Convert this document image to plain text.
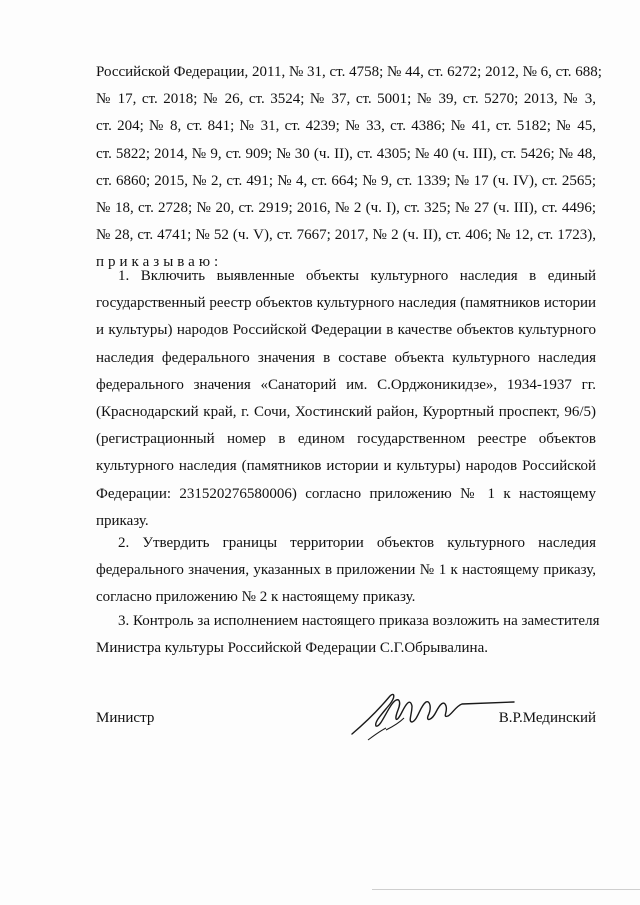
Российской Федерации, 2011, № 31, ст. 4758; № 44, ст. 6272; 2012, № 6, ст. 688;
№ 17, ст. 2018; № 26, ст. 3524; № 37, ст. 5001; № 39, ст. 5270; 2013, № 3,
ст. 204; № 8, ст. 841; № 31, ст. 4239; № 33, ст. 4386; № 41, ст. 5182; № 45,
ст. 5822; 2014, № 9, ст. 909; № 30 (ч. II), ст. 4305; № 40 (ч. III), ст. 5426; № 48,
ст. 6860; 2015, № 2, ст. 491; № 4, ст. 664; № 9, ст. 1339; № 17 (ч. IV), ст. 2565;
№ 18, ст. 2728; № 20, ст. 2919; 2016, № 2 (ч. I), ст. 325; № 27 (ч. III), ст. 4496;
№ 28, ст. 4741; № 52 (ч. V), ст. 7667; 2017, № 2 (ч. II), ст. 406; № 12, ст. 1723),
приказываю:
1. Включить выявленные объекты культурного наследия в единый
государственный реестр объектов культурного наследия (памятников истории
и культуры) народов Российской Федерации в качестве объектов культурного
наследия федерального значения в составе объекта культурного наследия
федерального значения «Санаторий им. С.Орджоникидзе», 1934-1937 гг.
(Краснодарский край, г. Сочи, Хостинский район, Курортный проспект, 96/5)
(регистрационный номер в едином государственном реестре объектов
культурного наследия (памятников истории и культуры) народов Российской
Федерации: 231520276580006) согласно приложению № 1 к настоящему
приказу.
2. Утвердить границы территории объектов культурного наследия
федерального значения, указанных в приложении № 1 к настоящему приказу,
согласно приложению № 2 к настоящему приказу.
3. Контроль за исполнением настоящего приказа возложить на заместителя
Министра культуры Российской Федерации С.Г.Обрывалина.
Министр	В.Р.Мединский
